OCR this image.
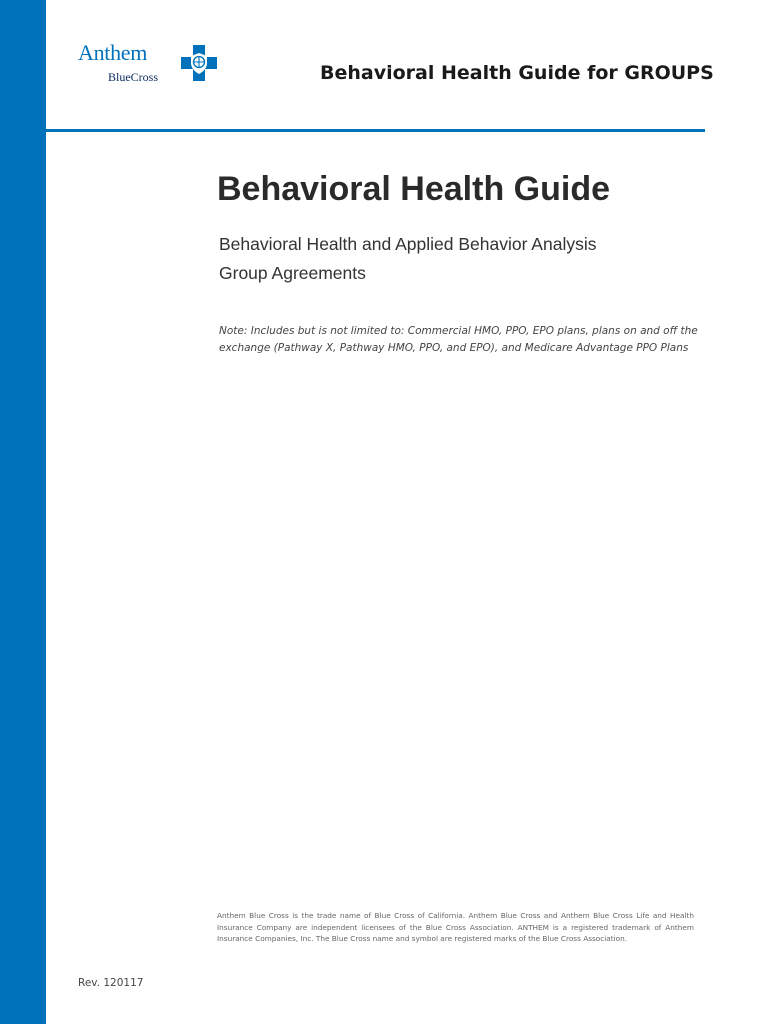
Anthem
BlueCross	Behavioral Health Guide for GROUPS
Behavioral Health Guide
Behavioral Health and Applied Behavior Analysis
Group Agreements

Note: Includes but is not limited to: Commercial HMO, PPO, EPO plans, plans on and off the exchange (Pathway X, Pathway HMO, PPO, and EPO), and Medicare Advantage PPO Plans

Anthem Blue Cross is the trade name of Blue Cross of California. Anthem Blue Cross and Anthem Blue Cross Life and Health Insurance Company are independent licensees of the Blue Cross Association. ANTHEM is a registered trademark of Anthem Insurance Companies, Inc. The Blue Cross name and symbol are registered marks of the Blue Cross Association.

Rev. 120117
